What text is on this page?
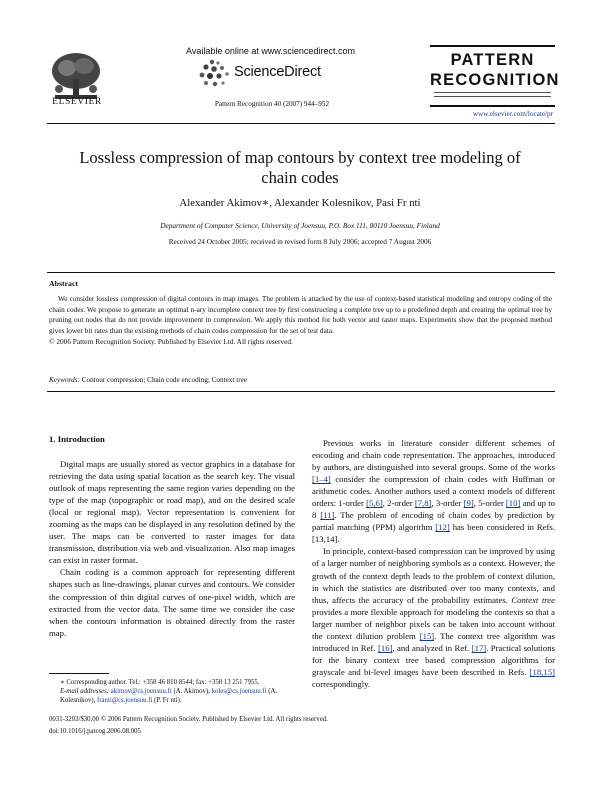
ELSEVIER
Available online at www.sciencedirect.com
ScienceDirect
Pattern Recognition 40 (2007) 944–952
PATTERN
RECOGNITION
www.elsevier.com/locate/pr
Lossless compression of map contours by context tree modeling of chain codes
Alexander Akimov∗, Alexander Kolesnikov, Pasi Fr nti
Department of Computer Science, University of Joensuu, P.O. Box 111, 80110 Joensuu, Finland
Received 24 October 2005; received in revised form 8 July 2006; accepted 7 August 2006
Abstract

We consider lossless compression of digital contours in map images. The problem is attacked by the use of context-based statistical modeling and entropy coding of the chain codes. We propose to generate an optimal n-ary incomplete context tree by first constructing a complete tree up to a predefined depth and creating the optimal tree by pruning out nodes that do not provide improvement in compression. We apply this method for both vector and raster maps. Experiments show that the proposed method gives lower bit rates than the existing methods of chain codes compression for the set of test data.

© 2006 Pattern Recognition Society. Published by Elsevier Ltd. All rights reserved.

Keywords: Contour compression; Chain code encoding; Context tree
1. Introduction

Digital maps are usually stored as vector graphics in a database for retrieving the data using spatial location as the search key. The visual outlook of maps representing the same region varies depending on the type of the map (topographic or road map), and on the desired scale (local or regional map). Vector representation is convenient for zooming as the maps can be displayed in any resolution defined by the user. The maps can be converted to raster images for data transmission, distribution via web and visualization. Also map images can exist in raster format.

Chain coding is a common approach for representing different shapes such as line-drawings, planar curves and contours. We consider the compression of thin digital curves of one-pixel width, which are extracted from the vector data. The same time we consider the case when the contours information is obtained directly from the raster map.

Previous works in literature consider different schemes of encoding and chain code representation. The approaches, introduced by authors, are distinguished into several groups. Some of the works [1–4] consider the compression of chain codes with Huffman or arithmetic codes. Another authors used a context models of different orders: 1-order [5,6], 2-order [7,8], 3-order [9], 5-order [10] and up to 8 [11]. The problem of encoding of chain codes by prediction by partial matching (PPM) algorithm [12] has been considered in Refs. [13,14].

In principle, context-based compression can be improved by using of a larger number of neighboring symbols as a context. However, the growth of the context depth leads to the problem of context dilution, in which the statistics are distributed over too many contexts, and thus, affects the accuracy of the probability estimates. Context tree provides a more flexible approach for modeling the contexts so that a larger number of neighbor pixels can be taken into account without the context dilution problem [15]. The context tree algorithm was introduced in Ref. [16], and analyzed in Ref. [17]. Practical solutions for the binary context tree based compression algorithms for grayscale and bi-level images have been described in Refs. [18,15] correspondingly.

∗ Corresponding author. Tel.: +358 46 810 8544; fax: +358 13 251 7955.
E-mail addresses: akimov@cs.joensuu.fi (A. Akimov), koles@cs.joensuu.fi (A. Kolesnikov), franti@cs.joensuu.fi (P. Fr nti).
0031-3203/$30.00 © 2006 Pattern Recognition Society. Published by Elsevier Ltd. All rights reserved.
doi:10.1016/j.patcog.2006.08.005
